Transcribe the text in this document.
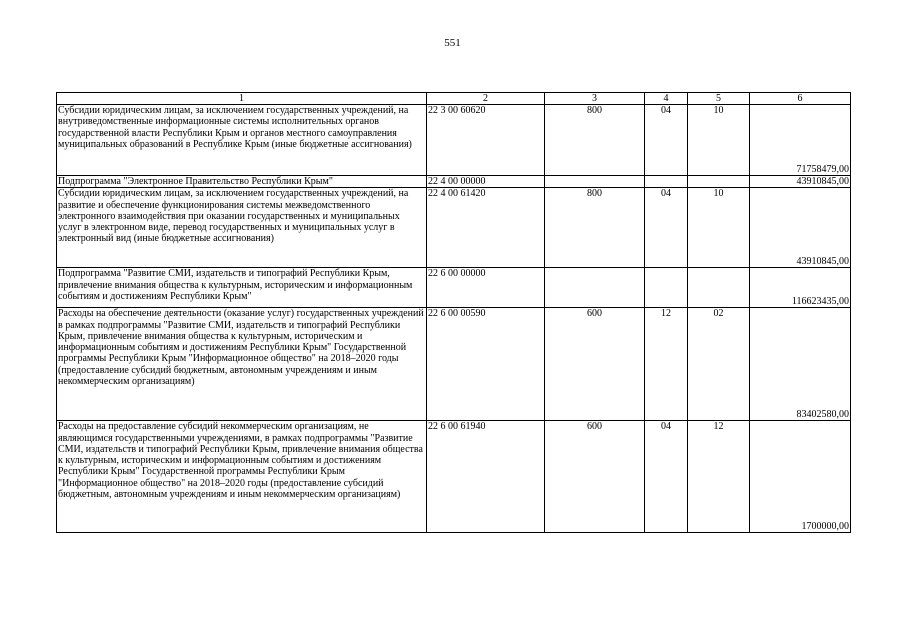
551
1	2	3	4	5	6
Субсидии юридическим лицам, за исключением государственных учреждений, на внутриведомственные информационные системы исполнительных органов государственной власти Республики Крым и органов местного самоуправления муниципальных образований в Республике Крым (иные бюджетные ассигнования)	22 3 00 60620	800	04	10	71758479,00
Подпрограмма "Электронное Правительство Республики Крым"	22 4 00 00000				43910845,00
Субсидии юридическим лицам, за исключением государственных учреждений, на развитие и обеспечение функционирования системы межведомственного электронного взаимодействия при оказании государственных и муниципальных услуг в электронном виде, перевод государственных и муниципальных услуг в электронный вид (иные бюджетные ассигнования)	22 4 00 61420	800	04	10	43910845,00
Подпрограмма "Развитие СМИ, издательств и типографий Республики Крым, привлечение внимания общества к культурным, историческим и информационным событиям и достижениям Республики Крым"	22 6 00 00000				116623435,00
Расходы на обеспечение деятельности (оказание услуг) государственных учреждений в рамках подпрограммы "Развитие СМИ, издательств и типографий Республики Крым, привлечение внимания общества к культурным, историческим и информационным событиям и достижениям Республики Крым" Государственной программы Республики Крым "Информационное общество" на 2018–2020 годы (предоставление субсидий бюджетным, автономным учреждениям и иным некоммерческим организациям)	22 6 00 00590	600	12	02	83402580,00
Расходы на предоставление субсидий некоммерческим организациям, не являющимся государственными учреждениями, в рамках подпрограммы "Развитие СМИ, издательств и типографий Республики Крым, привлечение внимания общества к культурным, историческим и информационным событиям и достижениям Республики Крым" Государственной программы Республики Крым "Информационное общество" на 2018–2020 годы (предоставление субсидий бюджетным, автономным учреждениям и иным некоммерческим организациям)	22 6 00 61940	600	04	12	1700000,00
